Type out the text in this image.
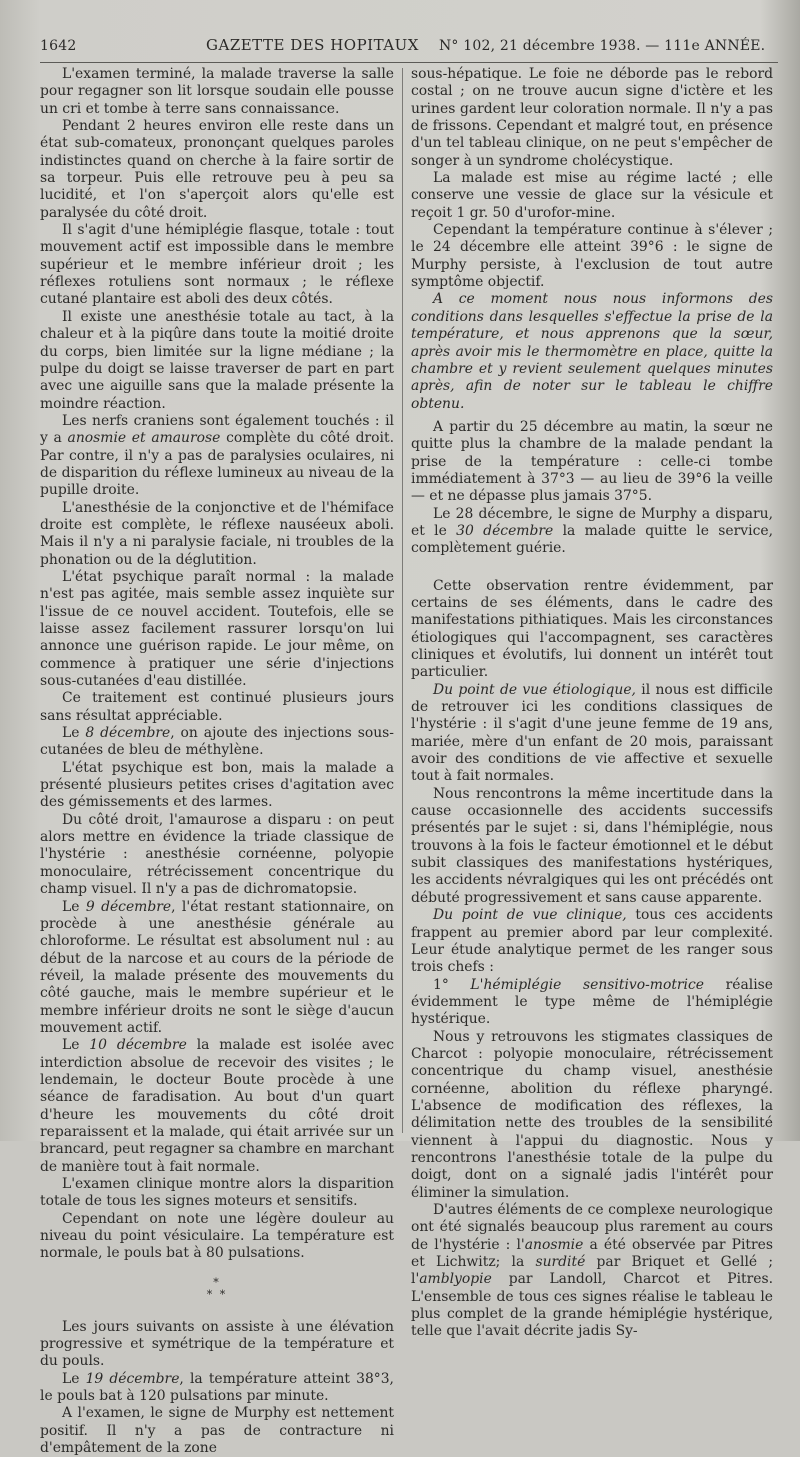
1642	GAZETTE DES HOPITAUX N° 102, 21 décembre 1938. — 111e ANNÉE.

L'examen terminé, la malade traverse la salle pour regagner son lit lorsque soudain elle pousse un cri et tombe à terre sans connaissance.

Pendant 2 heures environ elle reste dans un état sub-comateux, prononçant quelques paroles indistinctes quand on cherche à la faire sortir de sa torpeur. Puis elle retrouve peu à peu sa lucidité, et l'on s'aperçoit alors qu'elle est paralysée du côté droit.

Il s'agit d'une hémiplégie flasque, totale : tout mouvement actif est impossible dans le membre supérieur et le membre inférieur droit ; les réflexes rotuliens sont normaux ; le réflexe cutané plantaire est aboli des deux côtés.

Il existe une anesthésie totale au tact, à la chaleur et à la piqûre dans toute la moitié droite du corps, bien limitée sur la ligne médiane ; la pulpe du doigt se laisse traverser de part en part avec une aiguille sans que la malade présente la moindre réaction.

Les nerfs craniens sont également touchés : il y a anosmie et amaurose complète du côté droit. Par contre, il n'y a pas de paralysies oculaires, ni de disparition du réflexe lumineux au niveau de la pupille droite.

L'anesthésie de la conjonctive et de l'hémiface droite est complète, le réflexe nauséeux aboli. Mais il n'y a ni paralysie faciale, ni troubles de la phonation ou de la déglutition.

L'état psychique paraît normal : la malade n'est pas agitée, mais semble assez inquiète sur l'issue de ce nouvel accident. Toutefois, elle se laisse assez facilement rassurer lorsqu'on lui annonce une guérison rapide. Le jour même, on commence à pratiquer une série d'injections sous-cutanées d'eau distillée.

Ce traitement est continué plusieurs jours sans résultat appréciable.

Le 8 décembre, on ajoute des injections sous-cutanées de bleu de méthylène.

L'état psychique est bon, mais la malade a présenté plusieurs petites crises d'agitation avec des gémissements et des larmes.

Du côté droit, l'amaurose a disparu : on peut alors mettre en évidence la triade classique de l'hystérie : anesthésie cornéenne, polyopie monoculaire, rétrécissement concentrique du champ visuel. Il n'y a pas de dichromatopsie.

Le 9 décembre, l'état restant stationnaire, on procède à une anesthésie générale au chloroforme. Le résultat est absolument nul : au début de la narcose et au cours de la période de réveil, la malade présente des mouvements du côté gauche, mais le membre supérieur et le membre inférieur droits ne sont le siège d'aucun mouvement actif.

Le 10 décembre la malade est isolée avec interdiction absolue de recevoir des visites ; le lendemain, le docteur Boute procède à une séance de faradisation. Au bout d'un quart d'heure les mouvements du côté droit reparaissent et la malade, qui était arrivée sur un brancard, peut regagner sa chambre en marchant de manière tout à fait normale.

L'examen clinique montre alors la disparition totale de tous les signes moteurs et sensitifs.

Cependant on note une légère douleur au niveau du point vésiculaire. La température est normale, le pouls bat à 80 pulsations.

*
* *

Les jours suivants on assiste à une élévation progressive et symétrique de la température et du pouls.

Le 19 décembre, la température atteint 38°3, le pouls bat à 120 pulsations par minute.

A l'examen, le signe de Murphy est nettement positif. Il n'y a pas de contracture ni d'empâtement de la zone

sous-hépatique. Le foie ne déborde pas le rebord costal ; on ne trouve aucun signe d'ictère et les urines gardent leur coloration normale. Il n'y a pas de frissons. Cependant et malgré tout, en présence d'un tel tableau clinique, on ne peut s'empêcher de songer à un syndrome cholécystique.

La malade est mise au régime lacté ; elle conserve une vessie de glace sur la vésicule et reçoit 1 gr. 50 d'urofor-mine.

Cependant la température continue à s'élever ; le 24 décembre elle atteint 39°6 : le signe de Murphy persiste, à l'exclusion de tout autre symptôme objectif.

A ce moment nous nous informons des conditions dans lesquelles s'effectue la prise de la température, et nous apprenons que la sœur, après avoir mis le thermomètre en place, quitte la chambre et y revient seulement quelques minutes après, afin de noter sur le tableau le chiffre obtenu.

A partir du 25 décembre au matin, la sœur ne quitte plus la chambre de la malade pendant la prise de la température : celle-ci tombe immédiatement à 37°3 — au lieu de 39°6 la veille — et ne dépasse plus jamais 37°5.

Le 28 décembre, le signe de Murphy a disparu, et le 30 décembre la malade quitte le service, complètement guérie.

Cette observation rentre évidemment, par certains de ses éléments, dans le cadre des manifestations pithiatiques. Mais les circonstances étiologiques qui l'accompagnent, ses caractères cliniques et évolutifs, lui donnent un intérêt tout particulier.

Du point de vue étiologique, il nous est difficile de retrouver ici les conditions classiques de l'hystérie : il s'agit d'une jeune femme de 19 ans, mariée, mère d'un enfant de 20 mois, paraissant avoir des conditions de vie affective et sexuelle tout à fait normales.

Nous rencontrons la même incertitude dans la cause occasionnelle des accidents successifs présentés par le sujet : si, dans l'hémiplégie, nous trouvons à la fois le facteur émotionnel et le début subit classiques des manifestations hystériques, les accidents névralgiques qui les ont précédés ont débuté progressivement et sans cause apparente.

Du point de vue clinique, tous ces accidents frappent au premier abord par leur complexité. Leur étude analytique permet de les ranger sous trois chefs :

1° L'hémiplégie sensitivo-motrice réalise évidemment le type même de l'hémiplégie hystérique.

Nous y retrouvons les stigmates classiques de Charcot : polyopie monoculaire, rétrécissement concentrique du champ visuel, anesthésie cornéenne, abolition du réflexe pharyngé. L'absence de modification des réflexes, la délimitation nette des troubles de la sensibilité viennent à l'appui du diagnostic. Nous y rencontrons l'anesthésie totale de la pulpe du doigt, dont on a signalé jadis l'intérêt pour éliminer la simulation.

D'autres éléments de ce complexe neurologique ont été signalés beaucoup plus rarement au cours de l'hystérie : l'anosmie a été observée par Pitres et Lichwitz; la surdité par Briquet et Gellé ; l'amblyopie par Landoll, Charcot et Pitres. L'ensemble de tous ces signes réalise le tableau le plus complet de la grande hémiplégie hystérique, telle que l'avait décrite jadis Sy-
